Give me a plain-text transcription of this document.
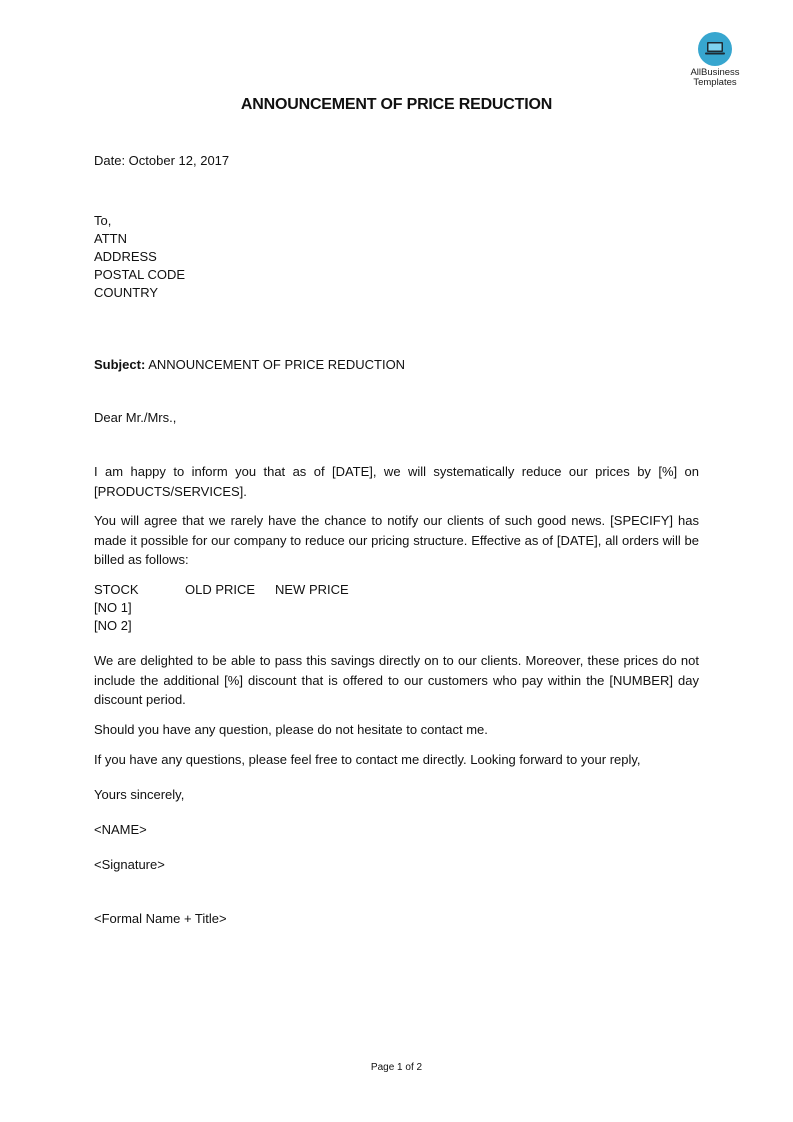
AllBusiness
Templates
ANNOUNCEMENT OF PRICE REDUCTION
Date: October 12, 2017
To,
ATTN
ADDRESS
POSTAL CODE
COUNTRY
Subject: ANNOUNCEMENT OF PRICE REDUCTION
Dear Mr./Mrs.,
I am happy to inform you that as of [DATE], we will systematically reduce our prices by [%] on [PRODUCTS/SERVICES].
You will agree that we rarely have the chance to notify our clients of such good news. [SPECIFY] has made it possible for our company to reduce our pricing structure. Effective as of [DATE], all orders will be billed as follows:
STOCK	OLD PRICE	NEW PRICE
[NO 1]
[NO 2]
We are delighted to be able to pass this savings directly on to our clients. Moreover, these prices do not include the additional [%] discount that is offered to our customers who pay within the [NUMBER] day discount period.
Should you have any question, please do not hesitate to contact me.
If you have any questions, please feel free to contact me directly. Looking forward to your reply,
Yours sincerely,
<NAME>
<Signature>
<Formal Name + Title>
Page 1 of 2
